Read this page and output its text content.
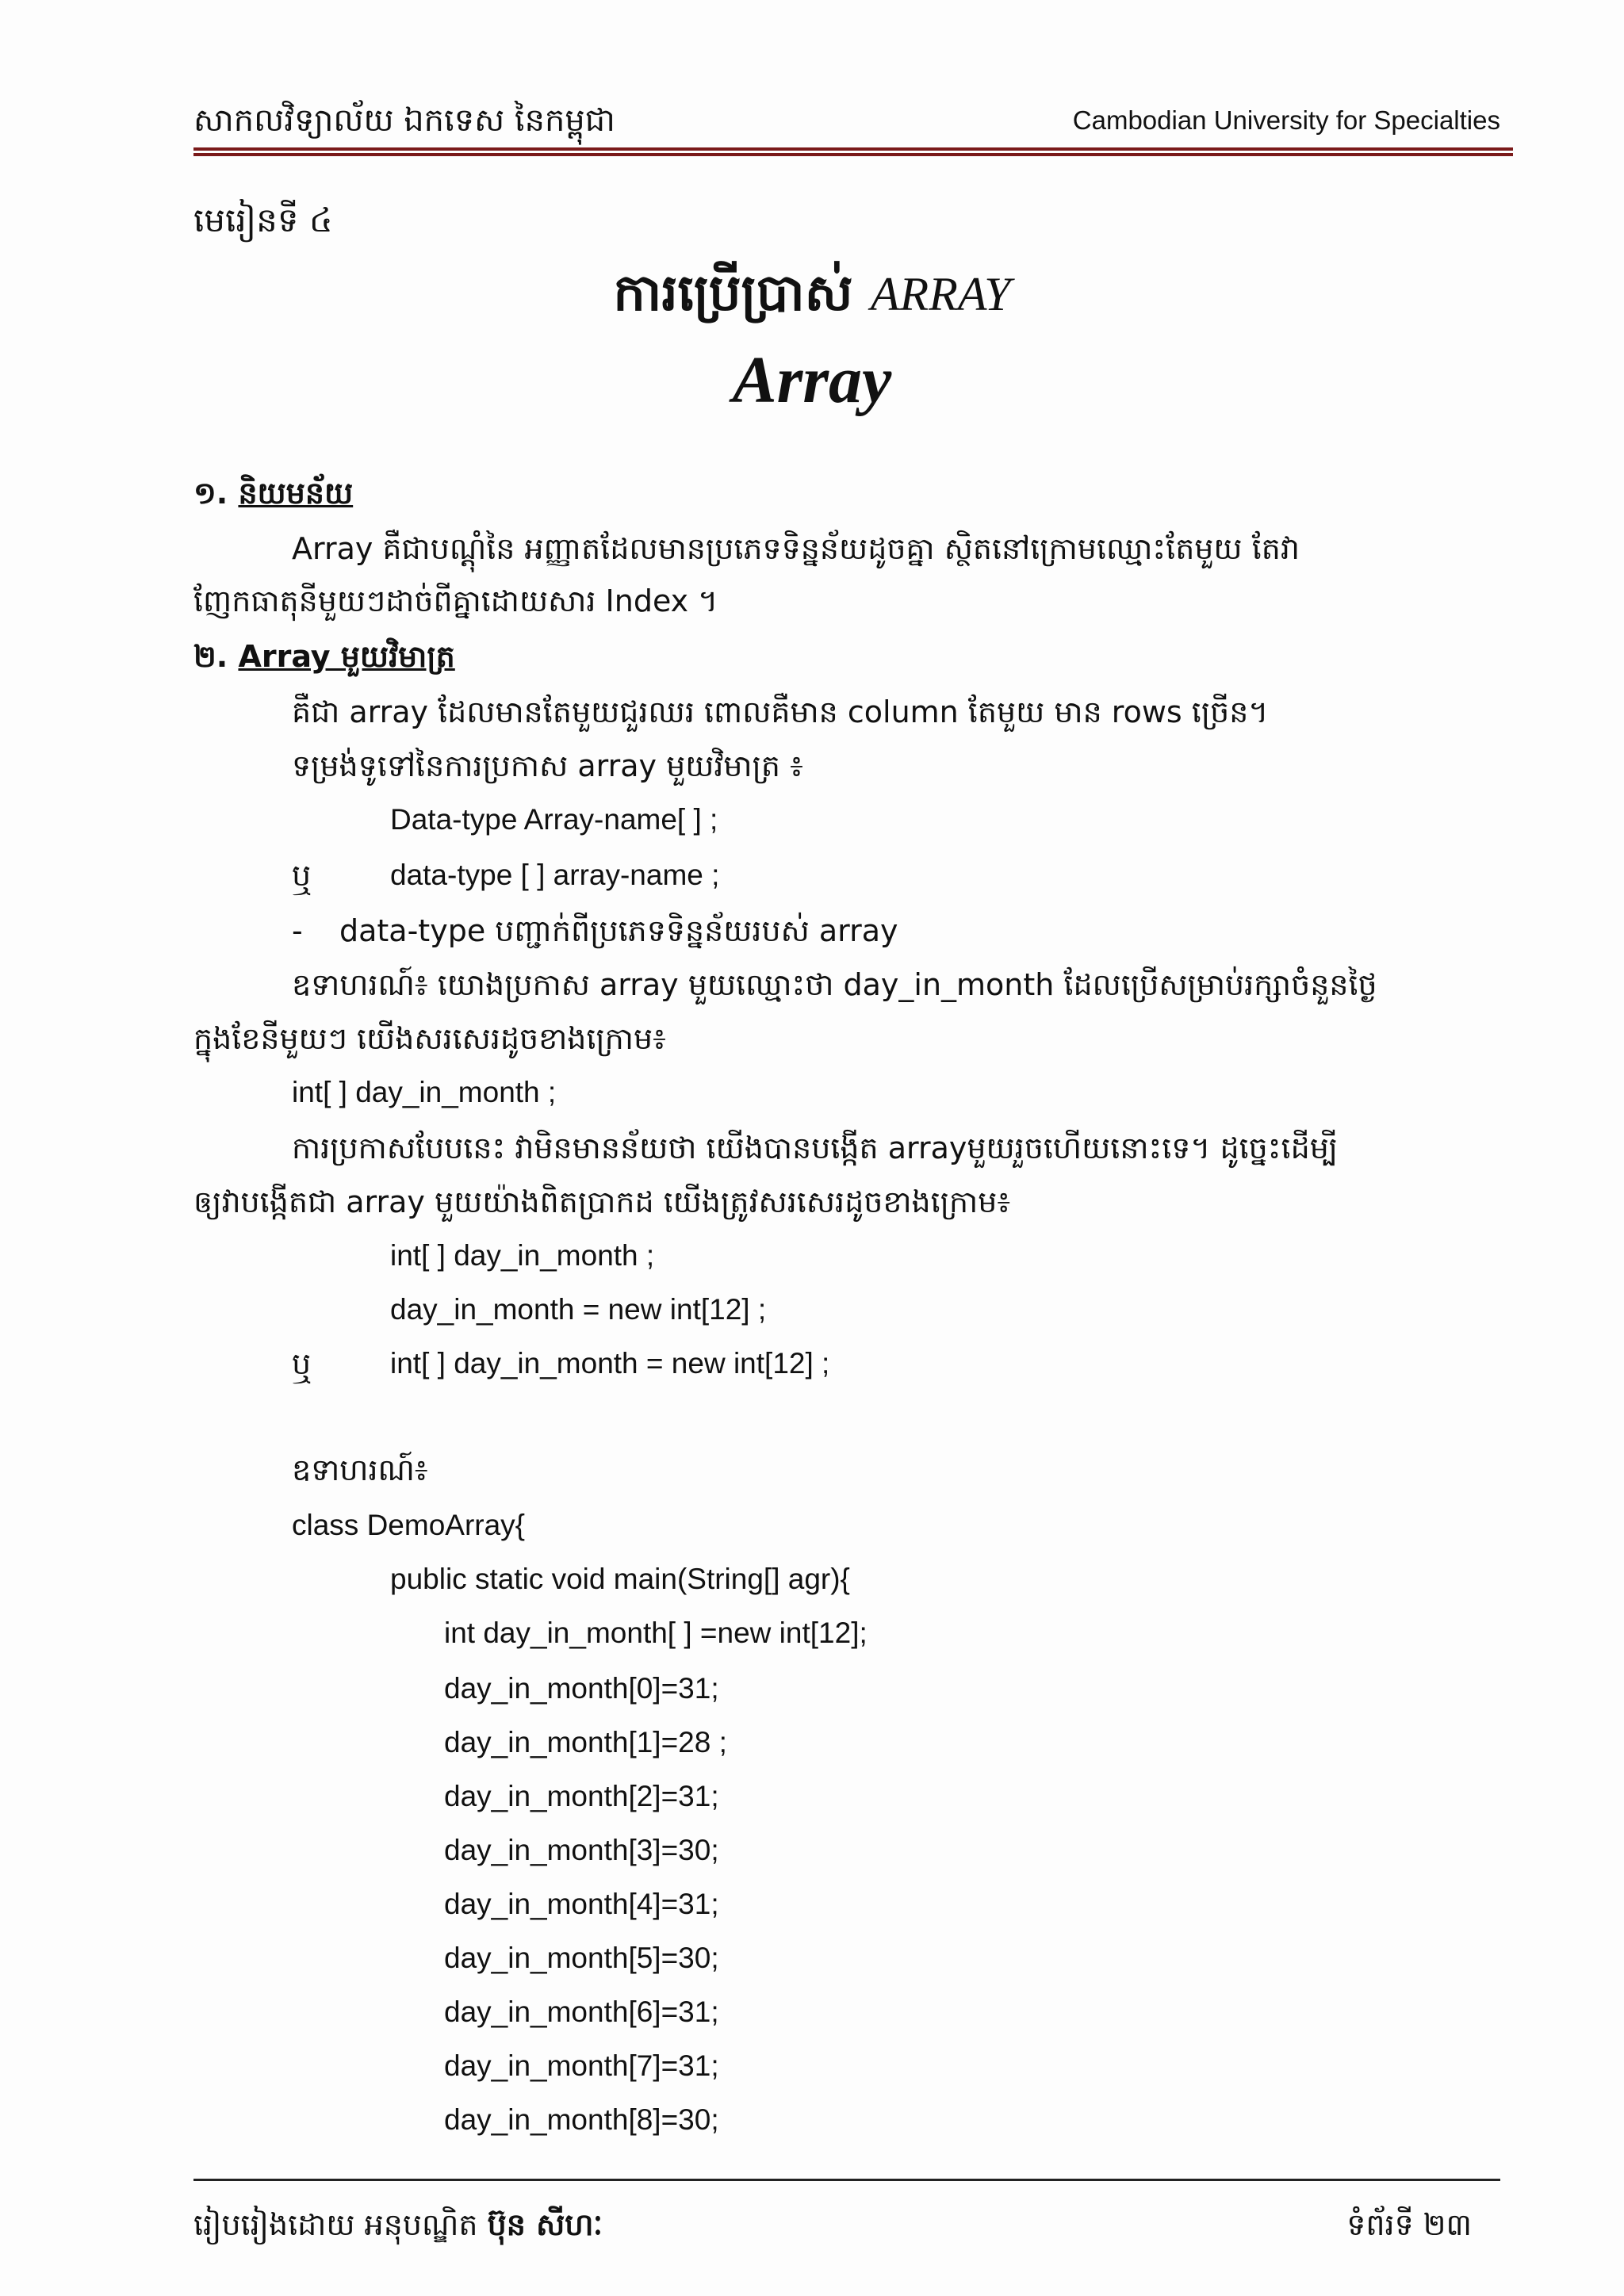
សាកលវិទ្យាល័យ ឯកទេស នៃកម្ពុជា	Cambodian University for Specialties
មេរៀនទី ៤
ការប្រើប្រាស់ ARRAY
Array
១. និយមន័យ
Array គឺជាបណ្តុំនៃ អញ្ញាតដែលមានប្រភេទទិន្នន័យដូចគ្នា ស្ថិតនៅក្រោមឈ្មោះតែមួយ តែវា
ញែកធាតុនីមួយៗដាច់ពីគ្នាដោយសារ Index ។
២. Array មួយវិមាត្រ
គឺជា array ដែលមានតែមួយជួរឈរ ពោលគឺមាន column តែមួយ មាន rows ច្រើន។
ទម្រង់ទូទៅនៃការប្រកាស array មួយវិមាត្រ ៖
Data-type Array-name[ ] ;
ឬ	data-type [ ] array-name ;
- data-type បញ្ជាក់ពីប្រភេទទិន្នន័យរបស់ array
ឧទាហរណ៍៖ យោងប្រកាស array មួយឈ្មោះថា day_in_month ដែលប្រើសម្រាប់រក្សាចំនួនថ្ងៃ
ក្នុងខែនីមួយៗ យើងសរសេរដូចខាងក្រោម៖
int[ ] day_in_month ;
ការប្រកាសបែបនេះ វាមិនមានន័យថា យើងបានបង្កើត arrayមួយរួចហើយនោះទេ។ ដូច្នេះដើម្បី
ឲ្យវាបង្កើតជា array មួយយ៉ាងពិតប្រាកដ យើងត្រូវសរសេរដូចខាងក្រោម៖
int[ ] day_in_month ;
day_in_month = new int[12] ;
ឬ	int[ ] day_in_month = new int[12] ;
ឧទាហរណ៍៖
class DemoArray{
public static void main(String[] agr){
int day_in_month[ ] =new int[12];
day_in_month[0]=31;
day_in_month[1]=28 ;
day_in_month[2]=31;
day_in_month[3]=30;
day_in_month[4]=31;
day_in_month[5]=30;
day_in_month[6]=31;
day_in_month[7]=31;
day_in_month[8]=30;
រៀបរៀងដោយ អនុបណ្ឌិត ប៊ុន សីហៈ	ទំព័រទី ២៣
